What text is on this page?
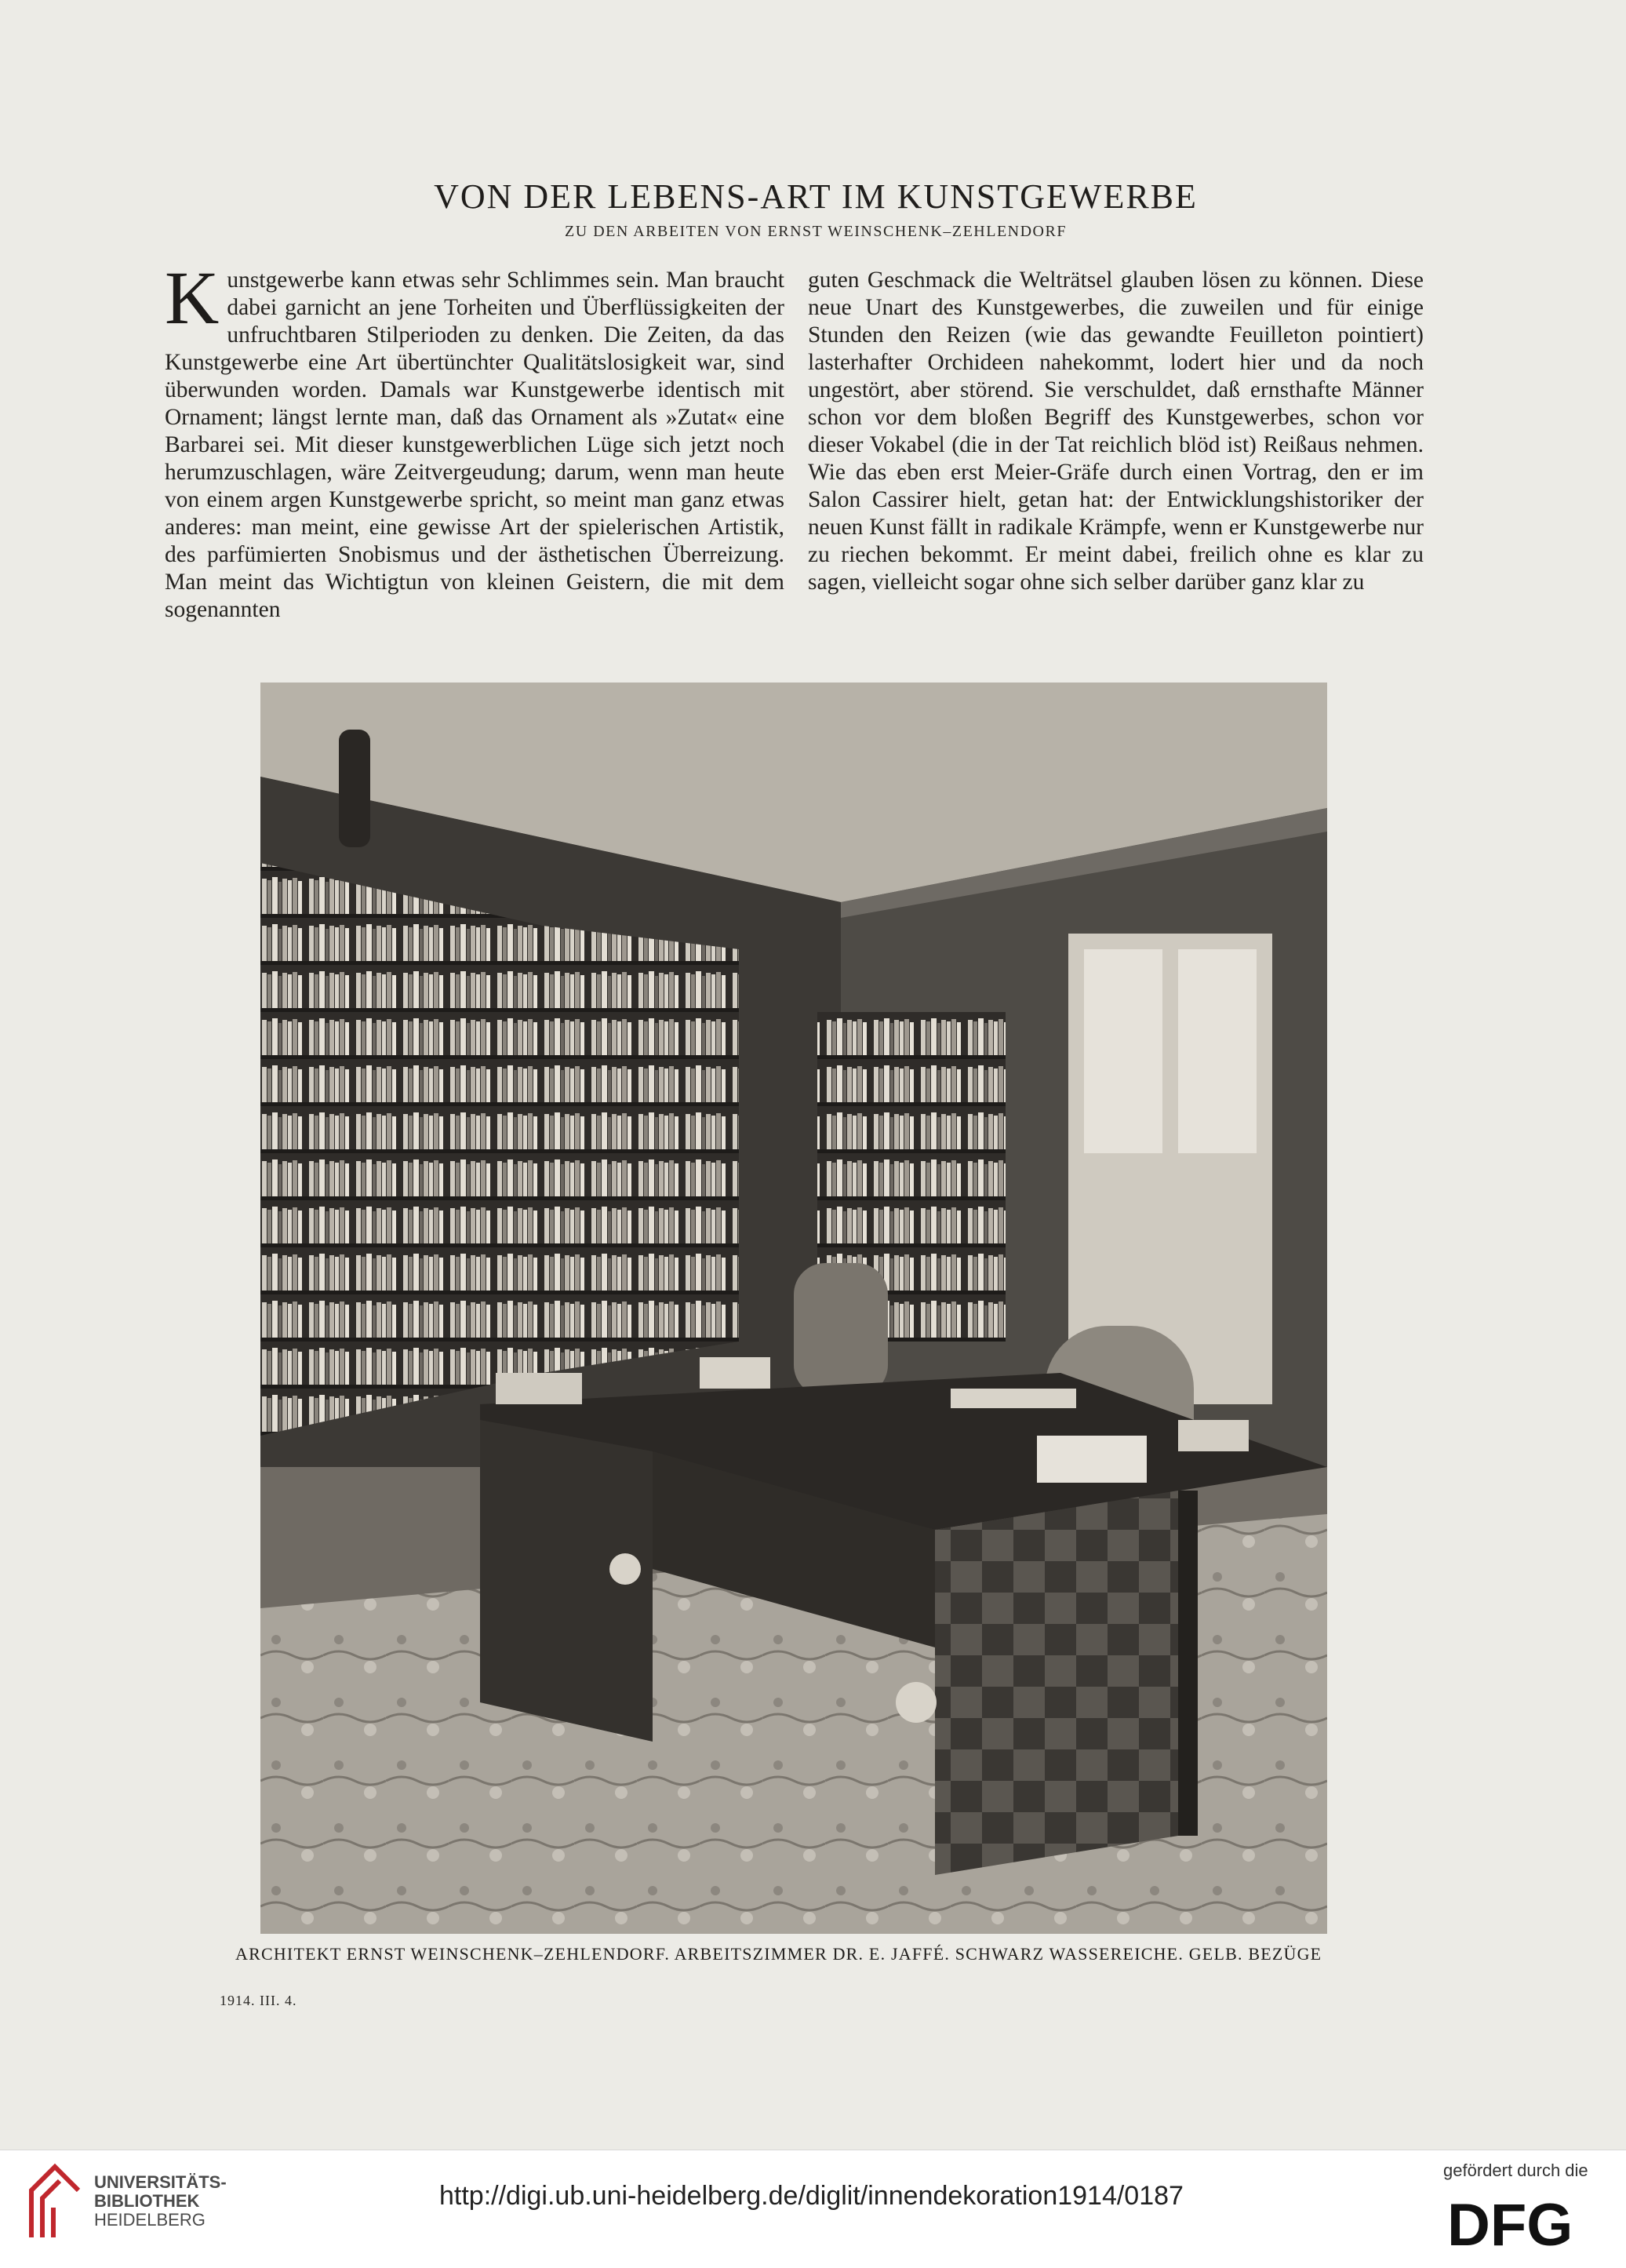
VON DER LEBENS-ART IM KUNSTGEWERBE
ZU DEN ARBEITEN VON ERNST WEINSCHENK–ZEHLENDORF

Kunstgewerbe kann etwas sehr Schlimmes sein. Man braucht dabei garnicht an jene Torheiten und Überflüssigkeiten der unfruchtbaren Stilperioden zu denken. Die Zeiten, da das Kunstgewerbe eine Art übertünchter Qualitätslosigkeit war, sind überwunden worden. Damals war Kunstgewerbe identisch mit Ornament; längst lernte man, daß das Ornament als »Zutat« eine Barbarei sei. Mit dieser kunstgewerblichen Lüge sich jetzt noch herumzuschlagen, wäre Zeitvergeudung; darum, wenn man heute von einem argen Kunstgewerbe spricht, so meint man ganz etwas anderes: man meint, eine gewisse Art der spielerischen Artistik, des parfümierten Snobismus und der ästhetischen Überreizung. Man meint das Wichtigtun von kleinen Geistern, die mit dem sogenannten

guten Geschmack die Welträtsel glauben lösen zu können. Diese neue Unart des Kunstgewerbes, die zuweilen und für einige Stunden den Reizen (wie das gewandte Feuilleton pointiert) lasterhafter Orchideen nahekommt, lodert hier und da noch ungestört, aber störend. Sie verschuldet, daß ernsthafte Männer schon vor dem bloßen Begriff des Kunstgewerbes, schon vor dieser Vokabel (die in der Tat reichlich blöd ist) Reißaus nehmen. Wie das eben erst Meier-Gräfe durch einen Vortrag, den er im Salon Cassirer hielt, getan hat: der Entwicklungshistoriker der neuen Kunst fällt in radikale Krämpfe, wenn er Kunstgewerbe nur zu riechen bekommt. Er meint dabei, freilich ohne es klar zu sagen, vielleicht sogar ohne sich selber darüber ganz klar zu

ARCHITEKT ERNST WEINSCHENK–ZEHLENDORF. ARBEITSZIMMER DR. E. JAFFÉ. SCHWARZ WASSEREICHE. GELB. BEZÜGE
1914. III. 4.
UNIVERSITÄTS-
BIBLIOTHEK
HEIDELBERG
http://digi.ub.uni-heidelberg.de/diglit/innendekoration1914/0187
gefördert durch die
DFG
